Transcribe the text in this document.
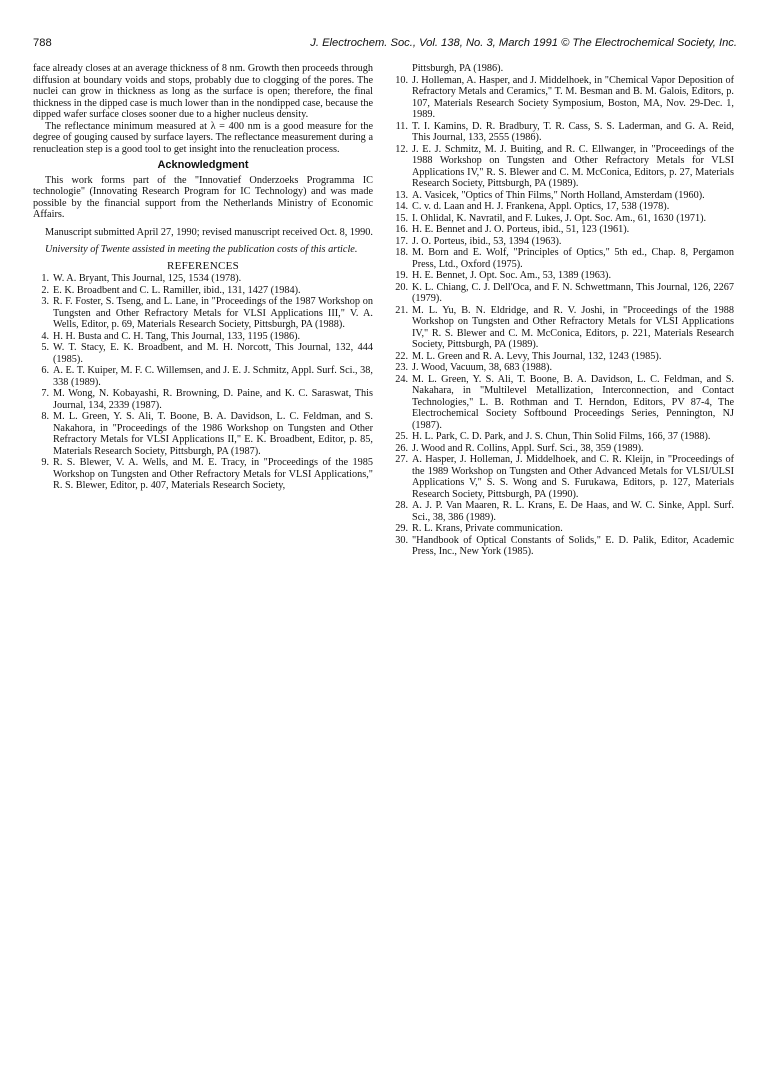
788	J. Electrochem. Soc., Vol. 138, No. 3, March 1991 © The Electrochemical Society, Inc.

face already closes at an average thickness of 8 nm. Growth then proceeds through diffusion at boundary voids and stops, probably due to clogging of the pores. The nuclei can grow in thickness as long as the surface is open; therefore, the final thickness in the dipped case is much lower than in the nondipped case, because the dipped wafer surface closes sooner due to a higher nucleus density.

The reflectance minimum measured at λ = 400 nm is a good measure for the degree of gouging caused by surface layers. The reflectance measurement during a renucleation step is a good tool to get insight into the renucleation process.

Acknowledgment

This work forms part of the "Innovatief Onderzoeks Programma IC technologie" (Innovating Research Program for IC Technology) and was made possible by the financial support from the Netherlands Ministry of Economic Affairs.

Manuscript submitted April 27, 1990; revised manuscript received Oct. 8, 1990.

University of Twente assisted in meeting the publication costs of this article.

REFERENCES
1. W. A. Bryant, This Journal, 125, 1534 (1978).
2. E. K. Broadbent and C. L. Ramiller, ibid., 131, 1427 (1984).
3. R. F. Foster, S. Tseng, and L. Lane, in "Proceedings of the 1987 Workshop on Tungsten and Other Refractory Metals for VLSI Applications III," V. A. Wells, Editor, p. 69, Materials Research Society, Pittsburgh, PA (1988).
4. H. H. Busta and C. H. Tang, This Journal, 133, 1195 (1986).
5. W. T. Stacy, E. K. Broadbent, and M. H. Norcott, This Journal, 132, 444 (1985).
6. A. E. T. Kuiper, M. F. C. Willemsen, and J. E. J. Schmitz, Appl. Surf. Sci., 38, 338 (1989).
7. M. Wong, N. Kobayashi, R. Browning, D. Paine, and K. C. Saraswat, This Journal, 134, 2339 (1987).
8. M. L. Green, Y. S. Ali, T. Boone, B. A. Davidson, L. C. Feldman, and S. Nakahora, in "Proceedings of the 1986 Workshop on Tungsten and Other Refractory Metals for VLSI Applications II," E. K. Broadbent, Editor, p. 85, Materials Research Society, Pittsburgh, PA (1987).
9. R. S. Blewer, V. A. Wells, and M. E. Tracy, in "Proceedings of the 1985 Workshop on Tungsten and Other Refractory Metals for VLSI Applications," R. S. Blewer, Editor, p. 407, Materials Research Society,
Pittsburgh, PA (1986).
10. J. Holleman, A. Hasper, and J. Middelhoek, in "Chemical Vapor Deposition of Refractory Metals and Ceramics," T. M. Besman and B. M. Galois, Editors, p. 107, Materials Research Society Symposium, Boston, MA, Nov. 29-Dec. 1, 1989.
11. T. I. Kamins, D. R. Bradbury, T. R. Cass, S. S. Laderman, and G. A. Reid, This Journal, 133, 2555 (1986).
12. J. E. J. Schmitz, M. J. Buiting, and R. C. Ellwanger, in "Proceedings of the 1988 Workshop on Tungsten and Other Refractory Metals for VLSI Applications IV," R. S. Blewer and C. M. McConica, Editors, p. 27, Materials Research Society, Pittsburgh, PA (1989).
13. A. Vasicek, "Optics of Thin Films," North Holland, Amsterdam (1960).
14. C. v. d. Laan and H. J. Frankena, Appl. Optics, 17, 538 (1978).
15. I. Ohlidal, K. Navratil, and F. Lukes, J. Opt. Soc. Am., 61, 1630 (1971).
16. H. E. Bennet and J. O. Porteus, ibid., 51, 123 (1961).
17. J. O. Porteus, ibid., 53, 1394 (1963).
18. M. Born and E. Wolf, "Principles of Optics," 5th ed., Chap. 8, Pergamon Press, Ltd., Oxford (1975).
19. H. E. Bennet, J. Opt. Soc. Am., 53, 1389 (1963).
20. K. L. Chiang, C. J. Dell'Oca, and F. N. Schwettmann, This Journal, 126, 2267 (1979).
21. M. L. Yu, B. N. Eldridge, and R. V. Joshi, in "Proceedings of the 1988 Workshop on Tungsten and Other Refractory Metals for VLSI Applications IV," R. S. Blewer and C. M. McConica, Editors, p. 221, Materials Research Society, Pittsburgh, PA (1989).
22. M. L. Green and R. A. Levy, This Journal, 132, 1243 (1985).
23. J. Wood, Vacuum, 38, 683 (1988).
24. M. L. Green, Y. S. Ali, T. Boone, B. A. Davidson, L. C. Feldman, and S. Nakahara, in "Multilevel Metallization, Interconnection, and Contact Technologies," L. B. Rothman and T. Herndon, Editors, PV 87-4, The Electrochemical Society Softbound Proceedings Series, Pennington, NJ (1987).
25. H. L. Park, C. D. Park, and J. S. Chun, Thin Solid Films, 166, 37 (1988).
26. J. Wood and R. Collins, Appl. Surf. Sci., 38, 359 (1989).
27. A. Hasper, J. Holleman, J. Middelhoek, and C. R. Kleijn, in "Proceedings of the 1989 Workshop on Tungsten and Other Advanced Metals for VLSI/ULSI Applications V," S. S. Wong and S. Furukawa, Editors, p. 127, Materials Research Society, Pittsburgh, PA (1990).
28. A. J. P. Van Maaren, R. L. Krans, E. De Haas, and W. C. Sinke, Appl. Surf. Sci., 38, 386 (1989).
29. R. L. Krans, Private communication.
30. "Handbook of Optical Constants of Solids," E. D. Palik, Editor, Academic Press, Inc., New York (1985).
